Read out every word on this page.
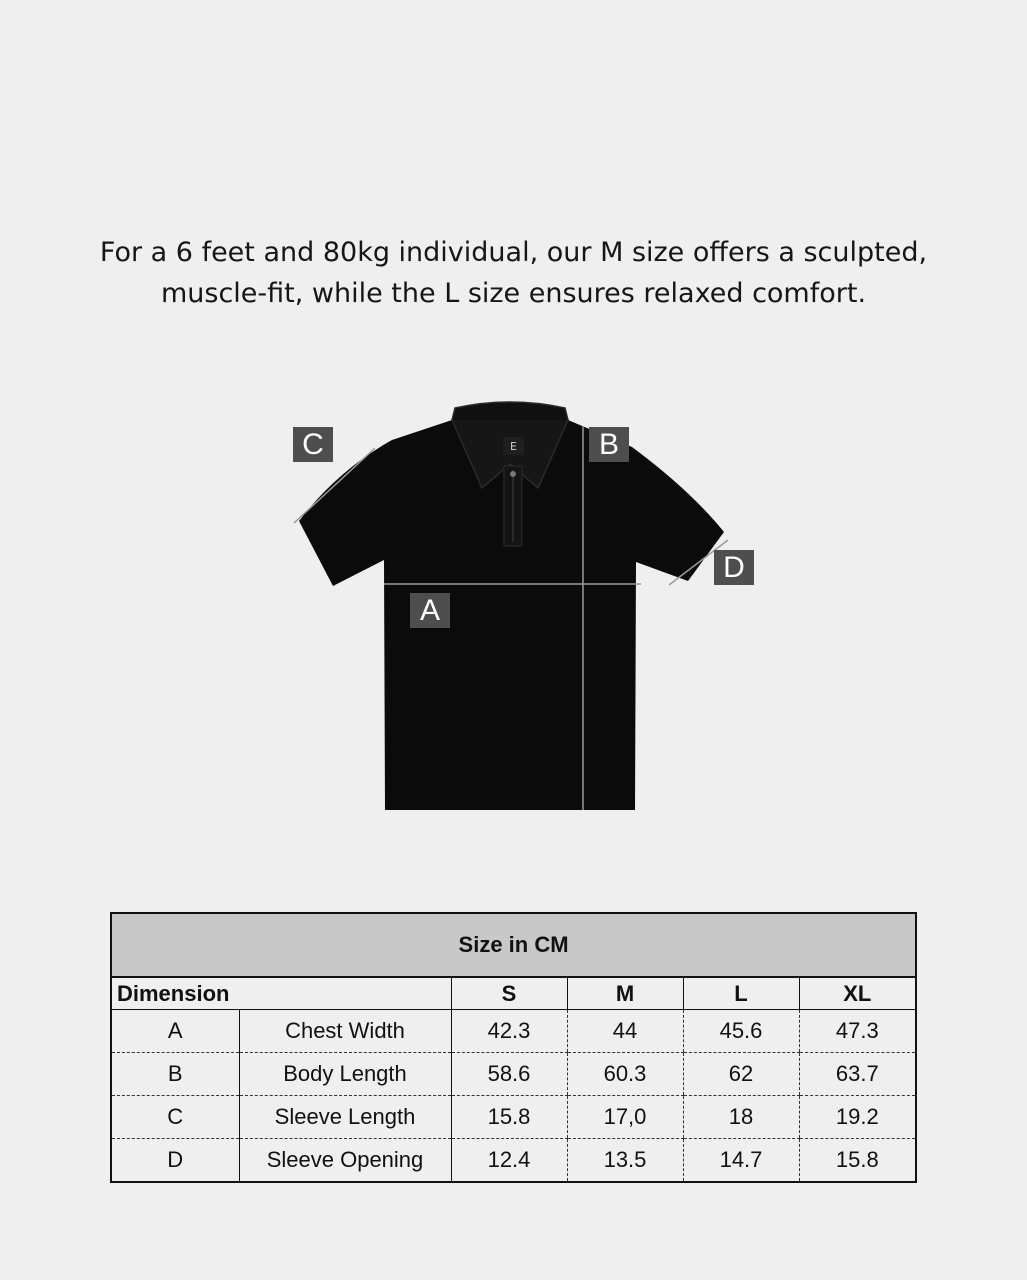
For a 6 feet and 80kg individual, our M size offers a sculpted,
muscle-fit, while the L size ensures relaxed comfort.
E
C	B
D
A
Size in CM					
Dimension		S	M	L	XL
A	Chest Width	42.3	44	45.6	47.3
B	Body Length	58.6	60.3	62	63.7
C	Sleeve Length	15.8	17,0	18	19.2
D	Sleeve Opening	12.4	13.5	14.7	15.8
